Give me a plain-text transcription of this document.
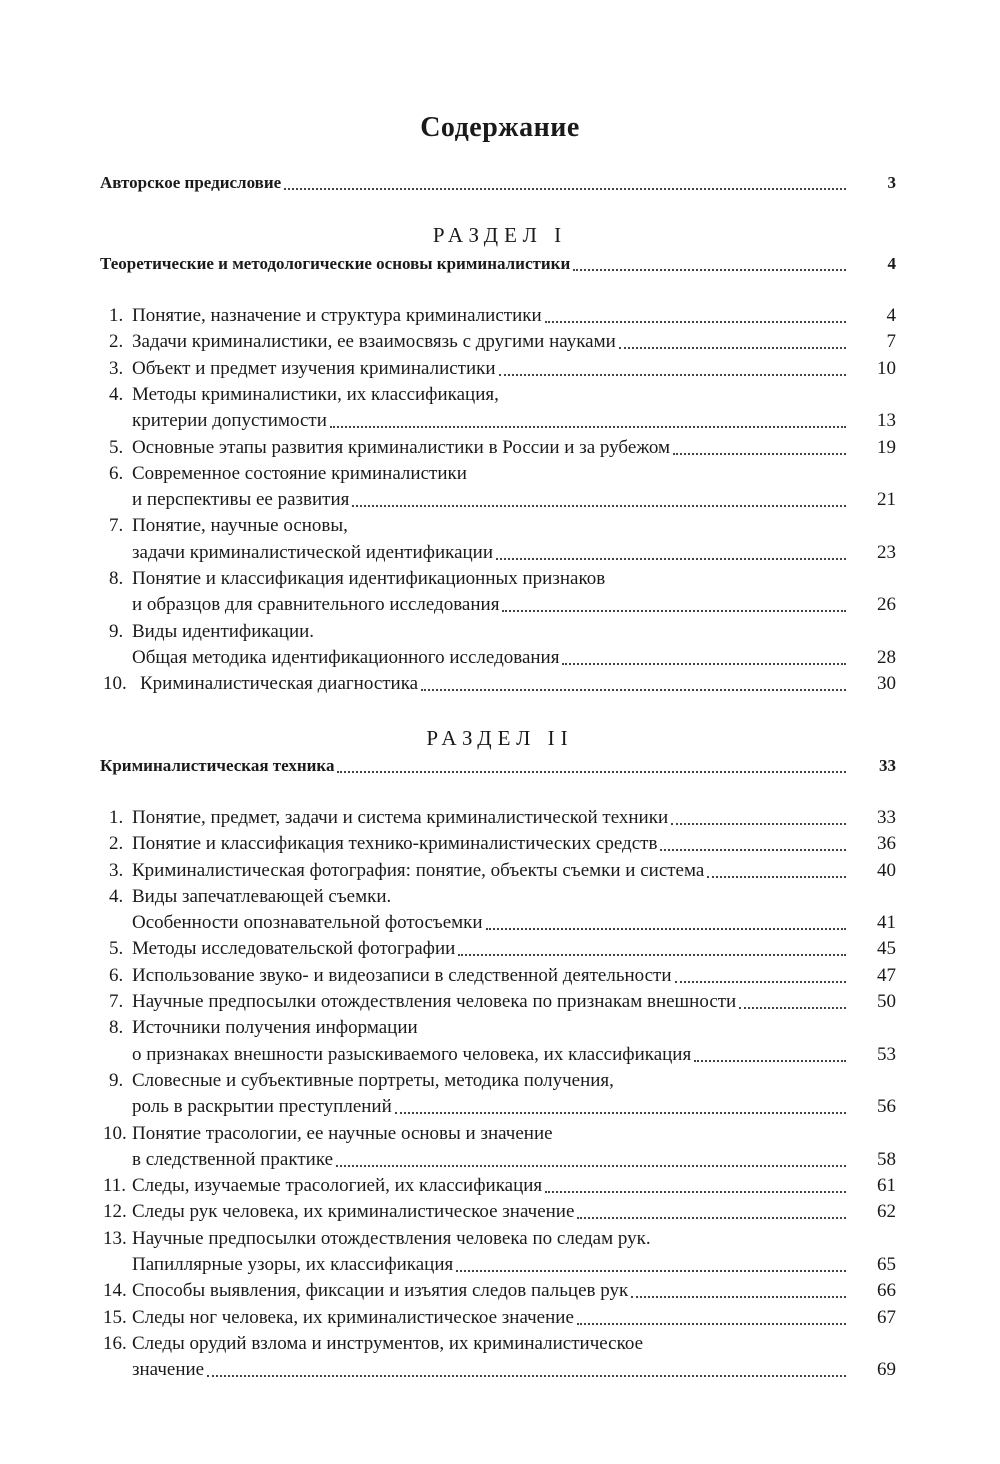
Содержание
Авторское предисловие	3
РАЗДЕЛ I
Теоретические и методологические основы криминалистики	4
1. Понятие, назначение и структура криминалистики	4
2. Задачи криминалистики, ее взаимосвязь с другими науками	7
3. Объект и предмет изучения криминалистики	10
4. Методы криминалистики, их классификация,
критерии допустимости	13
5. Основные этапы развития криминалистики в России и за рубежом	19
6. Современное состояние криминалистики
и перспективы ее развития	21
7. Понятие, научные основы,
задачи криминалистической идентификации	23
8. Понятие и классификация идентификационных признаков
и образцов для сравнительного исследования	26
9. Виды идентификации.
Общая методика идентификационного исследования	28
10. Криминалистическая диагностика	30
РАЗДЕЛ II
Криминалистическая техника	33
1. Понятие, предмет, задачи и система криминалистической техники	33
2. Понятие и классификация технико-криминалистических средств	36
3. Криминалистическая фотография: понятие, объекты съемки и система	40
4. Виды запечатлевающей съемки.
Особенности опознавательной фотосъемки	41
5. Методы исследовательской фотографии	45
6. Использование звуко- и видеозаписи в следственной деятельности	47
7. Научные предпосылки отождествления человека по признакам внешности	50
8. Источники получения информации
о признаках внешности разыскиваемого человека, их классификация	53
9. Словесные и субъективные портреты, методика получения,
роль в раскрытии преступлений	56
10. Понятие трасологии, ее научные основы и значение
в следственной практике	58
11. Следы, изучаемые трасологией, их классификация	61
12. Следы рук человека, их криминалистическое значение	62
13. Научные предпосылки отождествления человека по следам рук.
Папиллярные узоры, их классификация	65
14. Способы выявления, фиксации и изъятия следов пальцев рук	66
15. Следы ног человека, их криминалистическое значение	67
16. Следы орудий взлома и инструментов, их криминалистическое
значение	69
